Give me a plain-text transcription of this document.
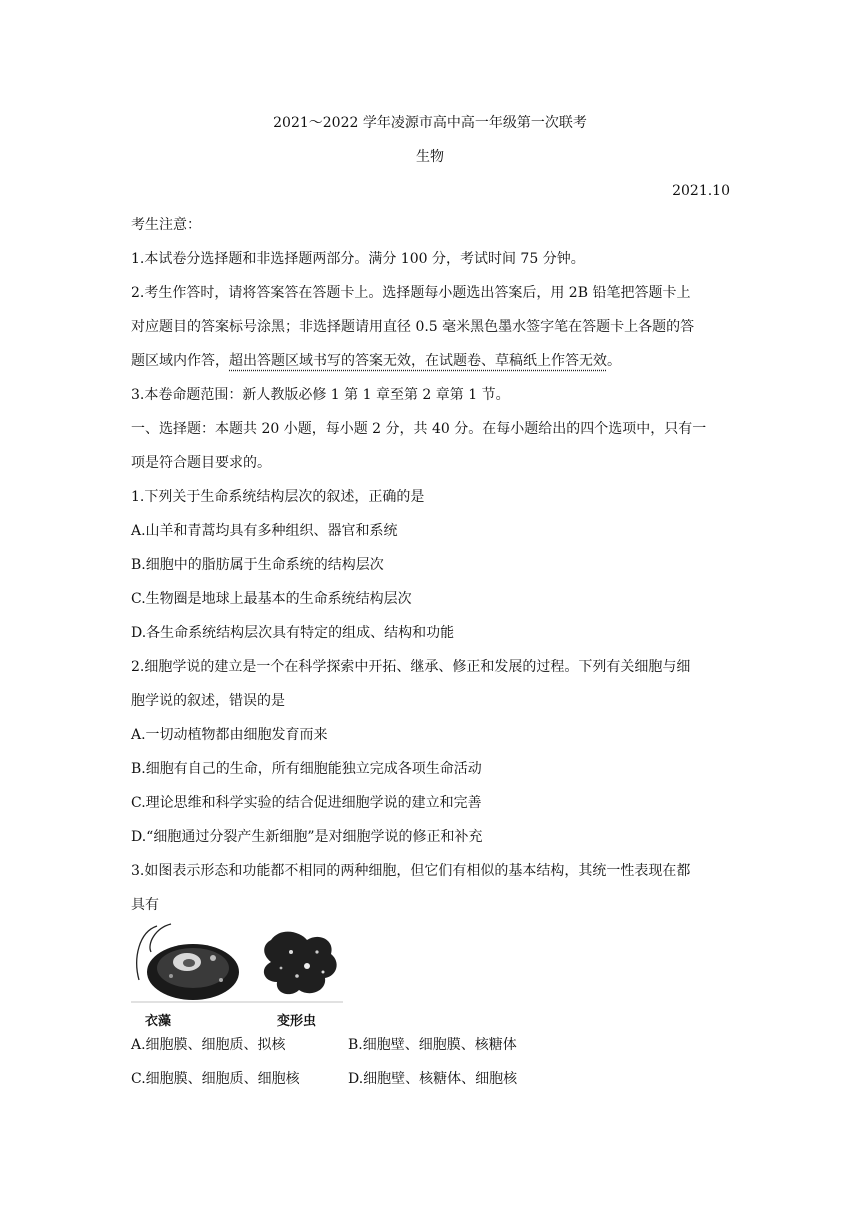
2021～2022 学年凌源市高中高一年级第一次联考
生物
2021.10
考生注意：
1.本试卷分选择题和非选择题两部分。满分 100 分，考试时间 75 分钟。
2.考生作答时，请将答案答在答题卡上。选择题每小题选出答案后，用 2B 铅笔把答题卡上
对应题目的答案标号涂黑；非选择题请用直径 0.5 毫米黑色墨水签字笔在答题卡上各题的答
题区域内作答，超出答题区域书写的答案无效，在试题卷、草稿纸上作答无效。
3.本卷命题范围：新人教版必修 1 第 1 章至第 2 章第 1 节。
一、选择题：本题共 20 小题，每小题 2 分，共 40 分。在每小题给出的四个选项中，只有一
项是符合题目要求的。
1.下列关于生命系统结构层次的叙述，正确的是
A.山羊和青蒿均具有多种组织、器官和系统
B.细胞中的脂肪属于生命系统的结构层次
C.生物圈是地球上最基本的生命系统结构层次
D.各生命系统结构层次具有特定的组成、结构和功能
2.细胞学说的建立是一个在科学探索中开拓、继承、修正和发展的过程。下列有关细胞与细
胞学说的叙述，错误的是
A.一切动植物都由细胞发育而来
B.细胞有自己的生命，所有细胞能独立完成各项生命活动
C.理论思维和科学实验的结合促进细胞学说的建立和完善
D.“细胞通过分裂产生新细胞”是对细胞学说的修正和补充
3.如图表示形态和功能都不相同的两种细胞，但它们有相似的基本结构，其统一性表现在都
具有
衣藻	变形虫
A.细胞膜、细胞质、拟核	B.细胞壁、细胞膜、核糖体
C.细胞膜、细胞质、细胞核	D.细胞壁、核糖体、细胞核
